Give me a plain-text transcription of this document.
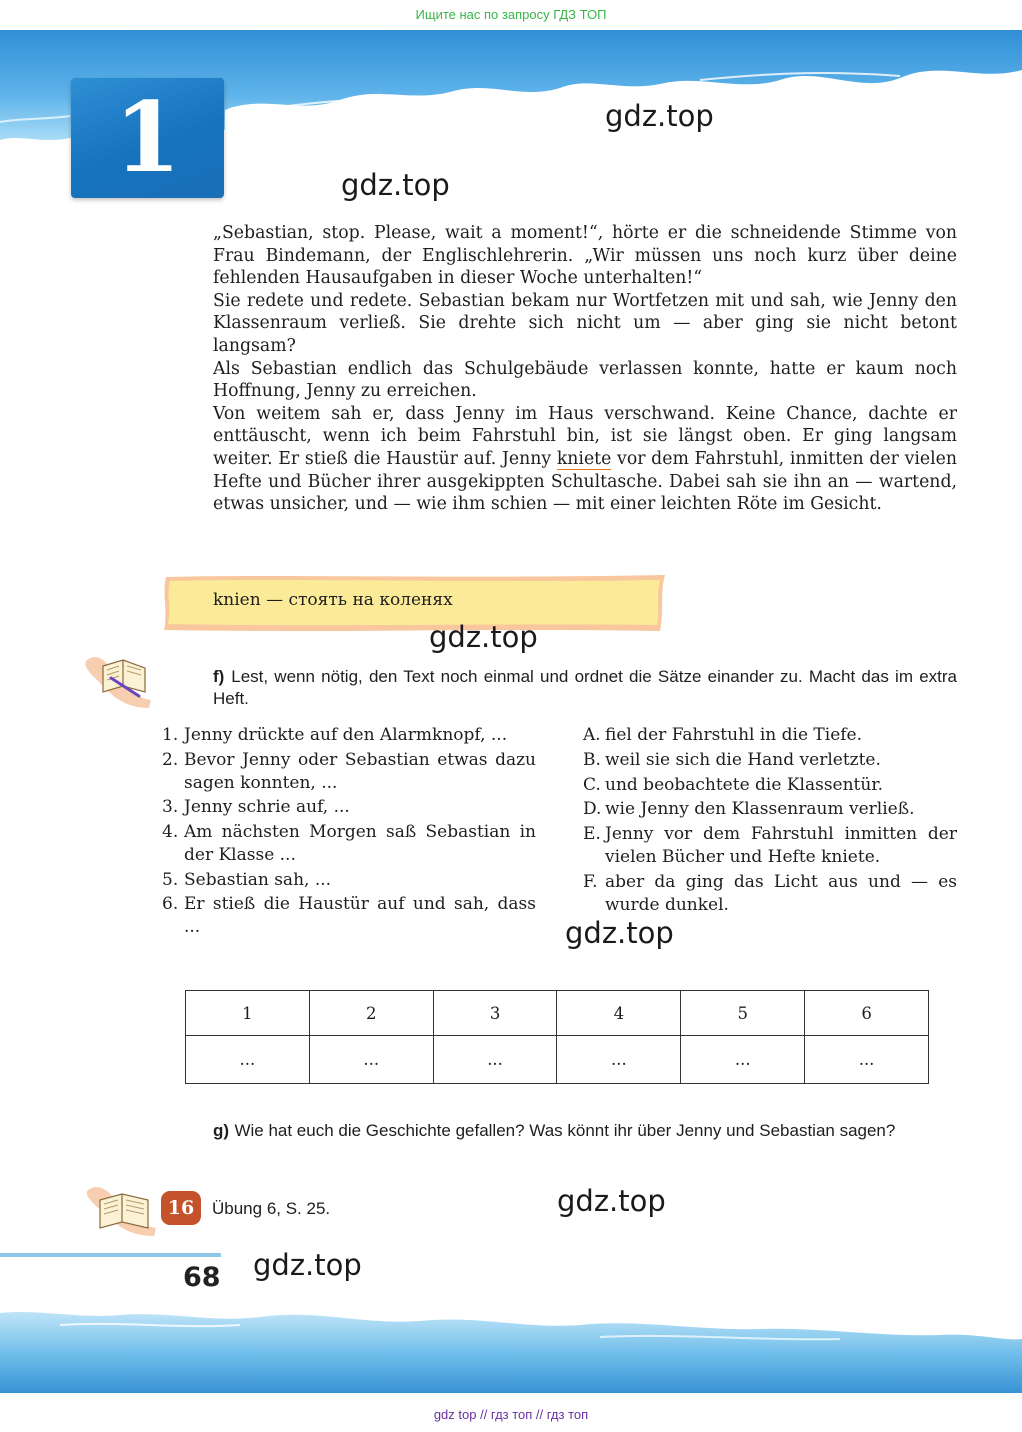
Ищите нас по запросу ГДЗ ТОП
1	gdz.top
gdz.top

„Sebastian, stop. Please, wait a moment!“, hörte er die schneidende Stimme von Frau Bindemann, der Englischlehrerin. „Wir müssen uns noch kurz über deine fehlenden Hausaufgaben in dieser Woche unterhalten!“

Sie redete und redete. Sebastian bekam nur Wortfetzen mit und sah, wie Jenny den Klassenraum verließ. Sie drehte sich nicht um — aber ging sie nicht betont langsam?

Als Sebastian endlich das Schulgebäude verlassen konnte, hatte er kaum noch Hoffnung, Jenny zu erreichen.

Von weitem sah er, dass Jenny im Haus verschwand. Keine Chance, dachte er enttäuscht, wenn ich beim Fahrstuhl bin, ist sie längst oben. Er ging langsam weiter. Er stieß die Haustür auf. Jenny kniete vor dem Fahrstuhl, inmitten der vielen Hefte und Bücher ihrer ausgekippten Schultasche. Dabei sah sie ihn an — wartend, etwas unsicher, und — wie ihm schien — mit einer leichten Röte im Gesicht.

knien — стоять на коленях
gdz.top
f) Lest, wenn nötig, den Text noch einmal und ordnet die Sätze einander zu. Macht das im extra Heft.
1. Jenny drückte auf den Alarmknopf, ...
2. Bevor Jenny oder Sebastian etwas dazu sagen konnten, ...
3. Jenny schrie auf, ...
4. Am nächsten Morgen saß Sebastian in der Klasse ...
5. Sebastian sah, ...
6. Er stieß die Haustür auf und sah, dass ...
A. fiel der Fahrstuhl in die Tiefe.
B. weil sie sich die Hand verletzte.
C. und beobachtete die Klassentür.
D. wie Jenny den Klassenraum verließ.
E. Jenny vor dem Fahrstuhl inmitten der vielen Bücher und Hefte kniete.
F. aber da ging das Licht aus und — es wurde dunkel.
gdz.top
1	2	3	4	5	6
...	...	...	...	...	...
g) Wie hat euch die Geschichte gefallen? Was könnt ihr über Jenny und Sebastian sagen?
16	Übung 6, S. 25.	gdz.top
68 gdz.top
gdz top // гдз топ // гдз топ
